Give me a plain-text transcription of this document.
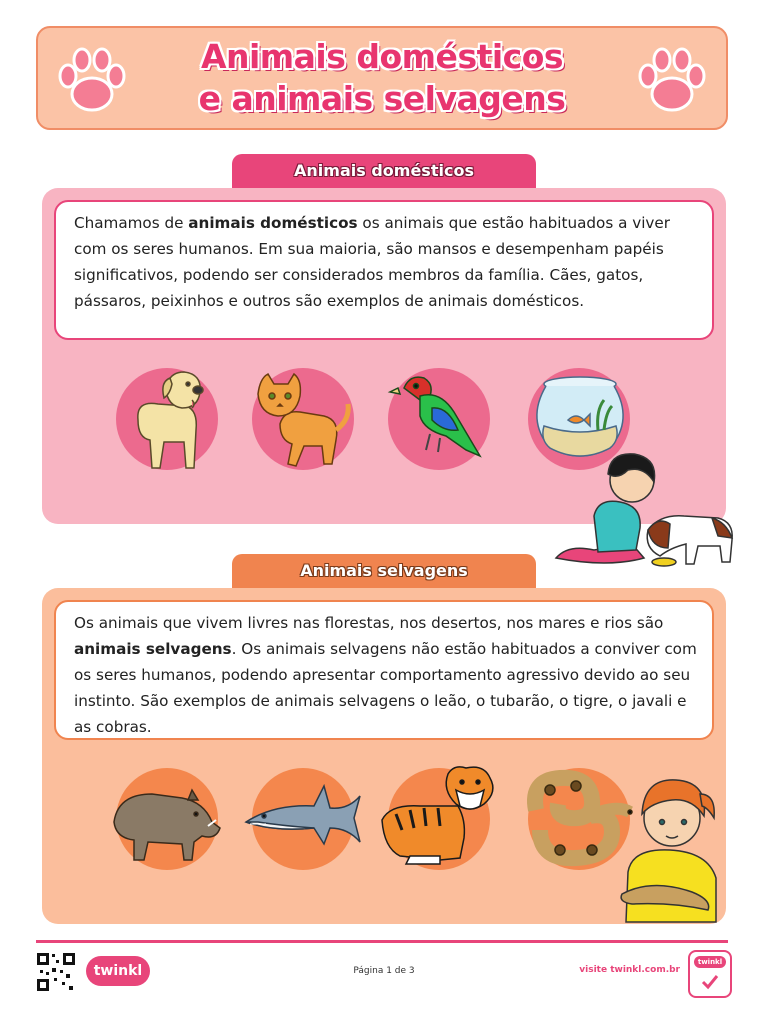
Animais domésticos
e animais selvagens
Animais domésticos
Chamamos de animais domésticos os animais que estão habituados a viver com os seres humanos. Em sua maioria, são mansos e desempenham papéis significativos, podendo ser considerados membros da família. Cães, gatos, pássaros, peixinhos e outros são exemplos de animais domésticos.
Animais selvagens
Os animais que vivem livres nas florestas, nos desertos, nos mares e rios são animais selvagens. Os animais selvagens não estão habituados a conviver com os seres humanos, podendo apresentar comportamento agressivo devido ao seu instinto. São exemplos de animais selvagens o leão, o tubarão, o tigre, o javali e as cobras.
twinkl	Página 1 de 3	visite twinkl.com.br
twinkl
